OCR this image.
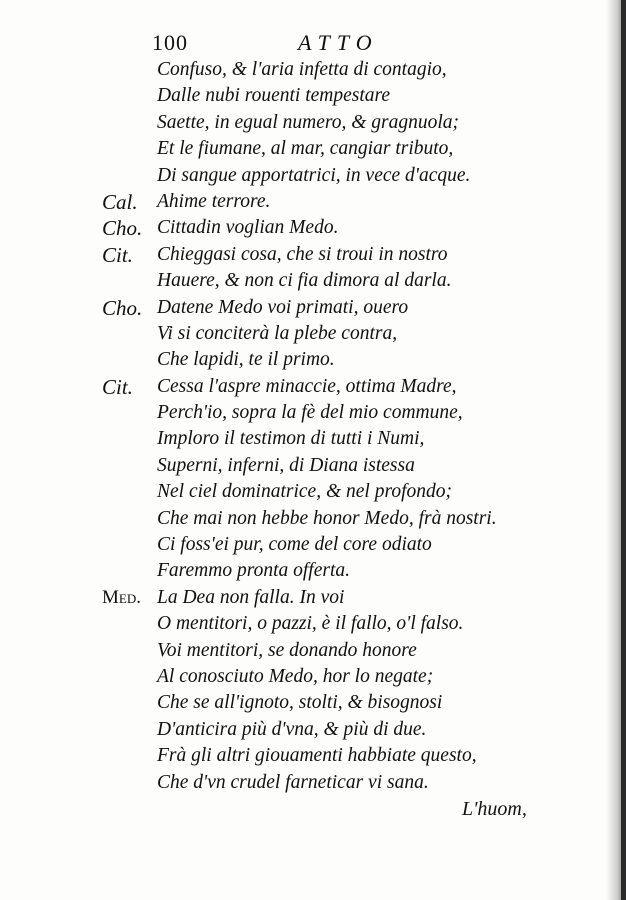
100	ATTO
Confuso, & l'aria infetta di contagio,
Dalle nubi rouenti tempestare
Saette, in egual numero, & gragnuola;
Et le fiumane, al mar, cangiar tributo,
Di sangue apportatrici, in vece d'acque.
Cal. Ahime terrore.
Cho. Cittadin voglian Medo.
Cit. Chieggasi cosa, che si troui in nostro
Hauere, & non ci fia dimora al darla.
Cho. Datene Medo voi primati, ouero
Vi si conciterà la plebe contra,
Che lapidi, te il primo.
Cit. Cessa l'aspre minaccie, ottima Madre,
Perch'io, sopra la fè del mio commune,
Imploro il testimon di tutti i Numi,
Superni, inferni, di Diana istessa
Nel ciel dominatrice, & nel profondo;
Che mai non hebbe honor Medo, frà nostri.
Ci foss'ei pur, come del core odiato
Faremmo pronta offerta.
Med. La Dea non falla. In voi
O mentitori, o pazzi, è il fallo, o'l falso.
Voi mentitori, se donando honore
Al conosciuto Medo, hor lo negate;
Che se all'ignoto, stolti, & bisognosi
D'anticira più d'vna, & più di due.
Frà gli altri giouamenti habbiate questo,
Che d'vn crudel farneticar vi sana.
L'huom,
